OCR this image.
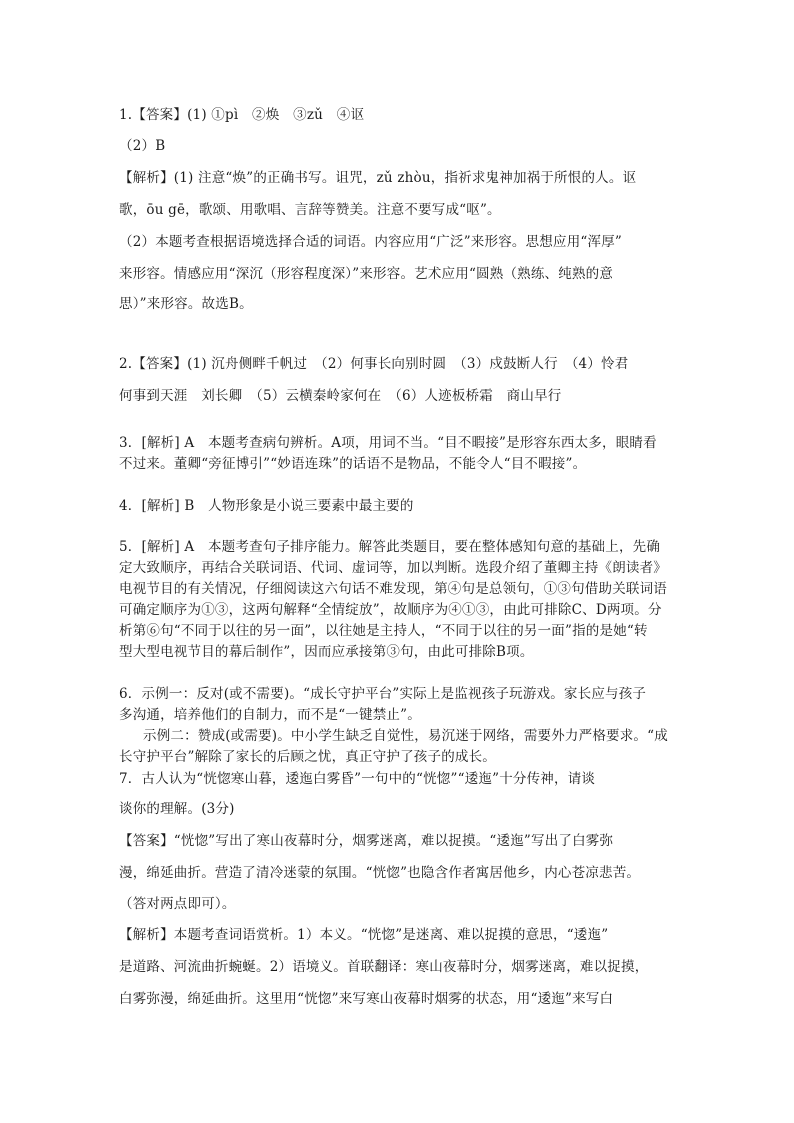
1.【答案】(1) ①pì　②焕　③zǔ　④讴
（2）B
【解析】(1) 注意“焕”的正确书写。诅咒，zǔ zhòu，指祈求鬼神加祸于所恨的人。讴
歌，ōu gē，歌颂、用歌唱、言辞等赞美。注意不要写成“呕”。
（2）本题考查根据语境选择合适的词语。内容应用“广泛”来形容。思想应用“浑厚”
来形容。情感应用“深沉（形容程度深）”来形容。艺术应用“圆熟（熟练、纯熟的意
思）”来形容。故选B。
2.【答案】(1) 沉舟侧畔千帆过　（2）何事长向别时圆　（3）戍鼓断人行　（4）怜君
何事到天涯　刘长卿　（5）云横秦岭家何在　（6）人迹板桥霜　商山早行
3．[解析] A　本题考查病句辨析。A项，用词不当。“目不暇接”是形容东西太多，眼睛看
不过来。董卿“旁征博引”“妙语连珠”的话语不是物品，不能令人“目不暇接”。
4．[解析] B　人物形象是小说三要素中最主要的
5．[解析] A　本题考查句子排序能力。解答此类题目，要在整体感知句意的基础上，先确
定大致顺序，再结合关联词语、代词、虚词等，加以判断。选段介绍了董卿主持《朗读者》
电视节目的有关情况，仔细阅读这六句话不难发现，第④句是总领句，①③句借助关联词语
可确定顺序为①③，这两句解释“全情绽放”，故顺序为④①③，由此可排除C、D两项。分
析第⑥句“不同于以往的另一面”，以往她是主持人，“不同于以往的另一面”指的是她“转
型大型电视节目的幕后制作”，因而应承接第③句，由此可排除B项。
6．示例一：反对(或不需要)。“成长守护平台”实际上是监视孩子玩游戏。家长应与孩子
多沟通，培养他们的自制力，而不是“一键禁止”。
示例二：赞成(或需要)。中小学生缺乏自觉性，易沉迷于网络，需要外力严格要求。“成
长守护平台”解除了家长的后顾之忧，真正守护了孩子的成长。
7．古人认为“恍惚寒山暮，逶迤白雾昏”一句中的“恍惚”“逶迤”十分传神，请谈
谈你的理解。(3分)
【答案】“恍惚”写出了寒山夜幕时分，烟雾迷离，难以捉摸。“逶迤”写出了白雾弥
漫，绵延曲折。营造了清冷迷蒙的氛围。“恍惚”也隐含作者寓居他乡，内心苍凉悲苦。
（答对两点即可）。
【解析】本题考查词语赏析。1）本义。“恍惚”是迷离、难以捉摸的意思，“逶迤”
是道路、河流曲折蜿蜒。2）语境义。首联翻译：寒山夜幕时分，烟雾迷离，难以捉摸，
白雾弥漫，绵延曲折。这里用“恍惚”来写寒山夜幕时烟雾的状态，用“逶迤”来写白
